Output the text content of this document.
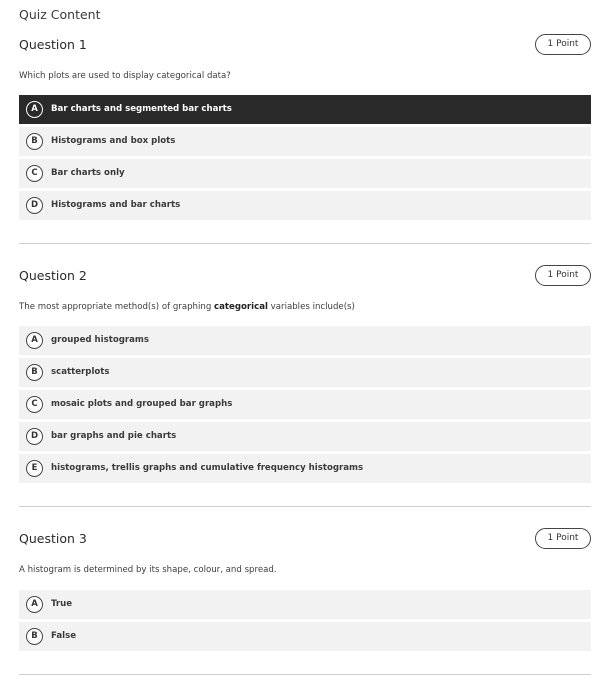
Quiz Content
Question 1	1 Point
Which plots are used to display categorical data?
A	Bar charts and segmented bar charts
B	Histograms and box plots
C	Bar charts only
D	Histograms and bar charts
Question 2	1 Point
The most appropriate method(s) of graphing categorical variables include(s)
A	grouped histograms
B	scatterplots
C	mosaic plots and grouped bar graphs
D	bar graphs and pie charts
E	histograms, trellis graphs and cumulative frequency histograms
Question 3	1 Point
A histogram is determined by its shape, colour, and spread.
A	True
B	False
